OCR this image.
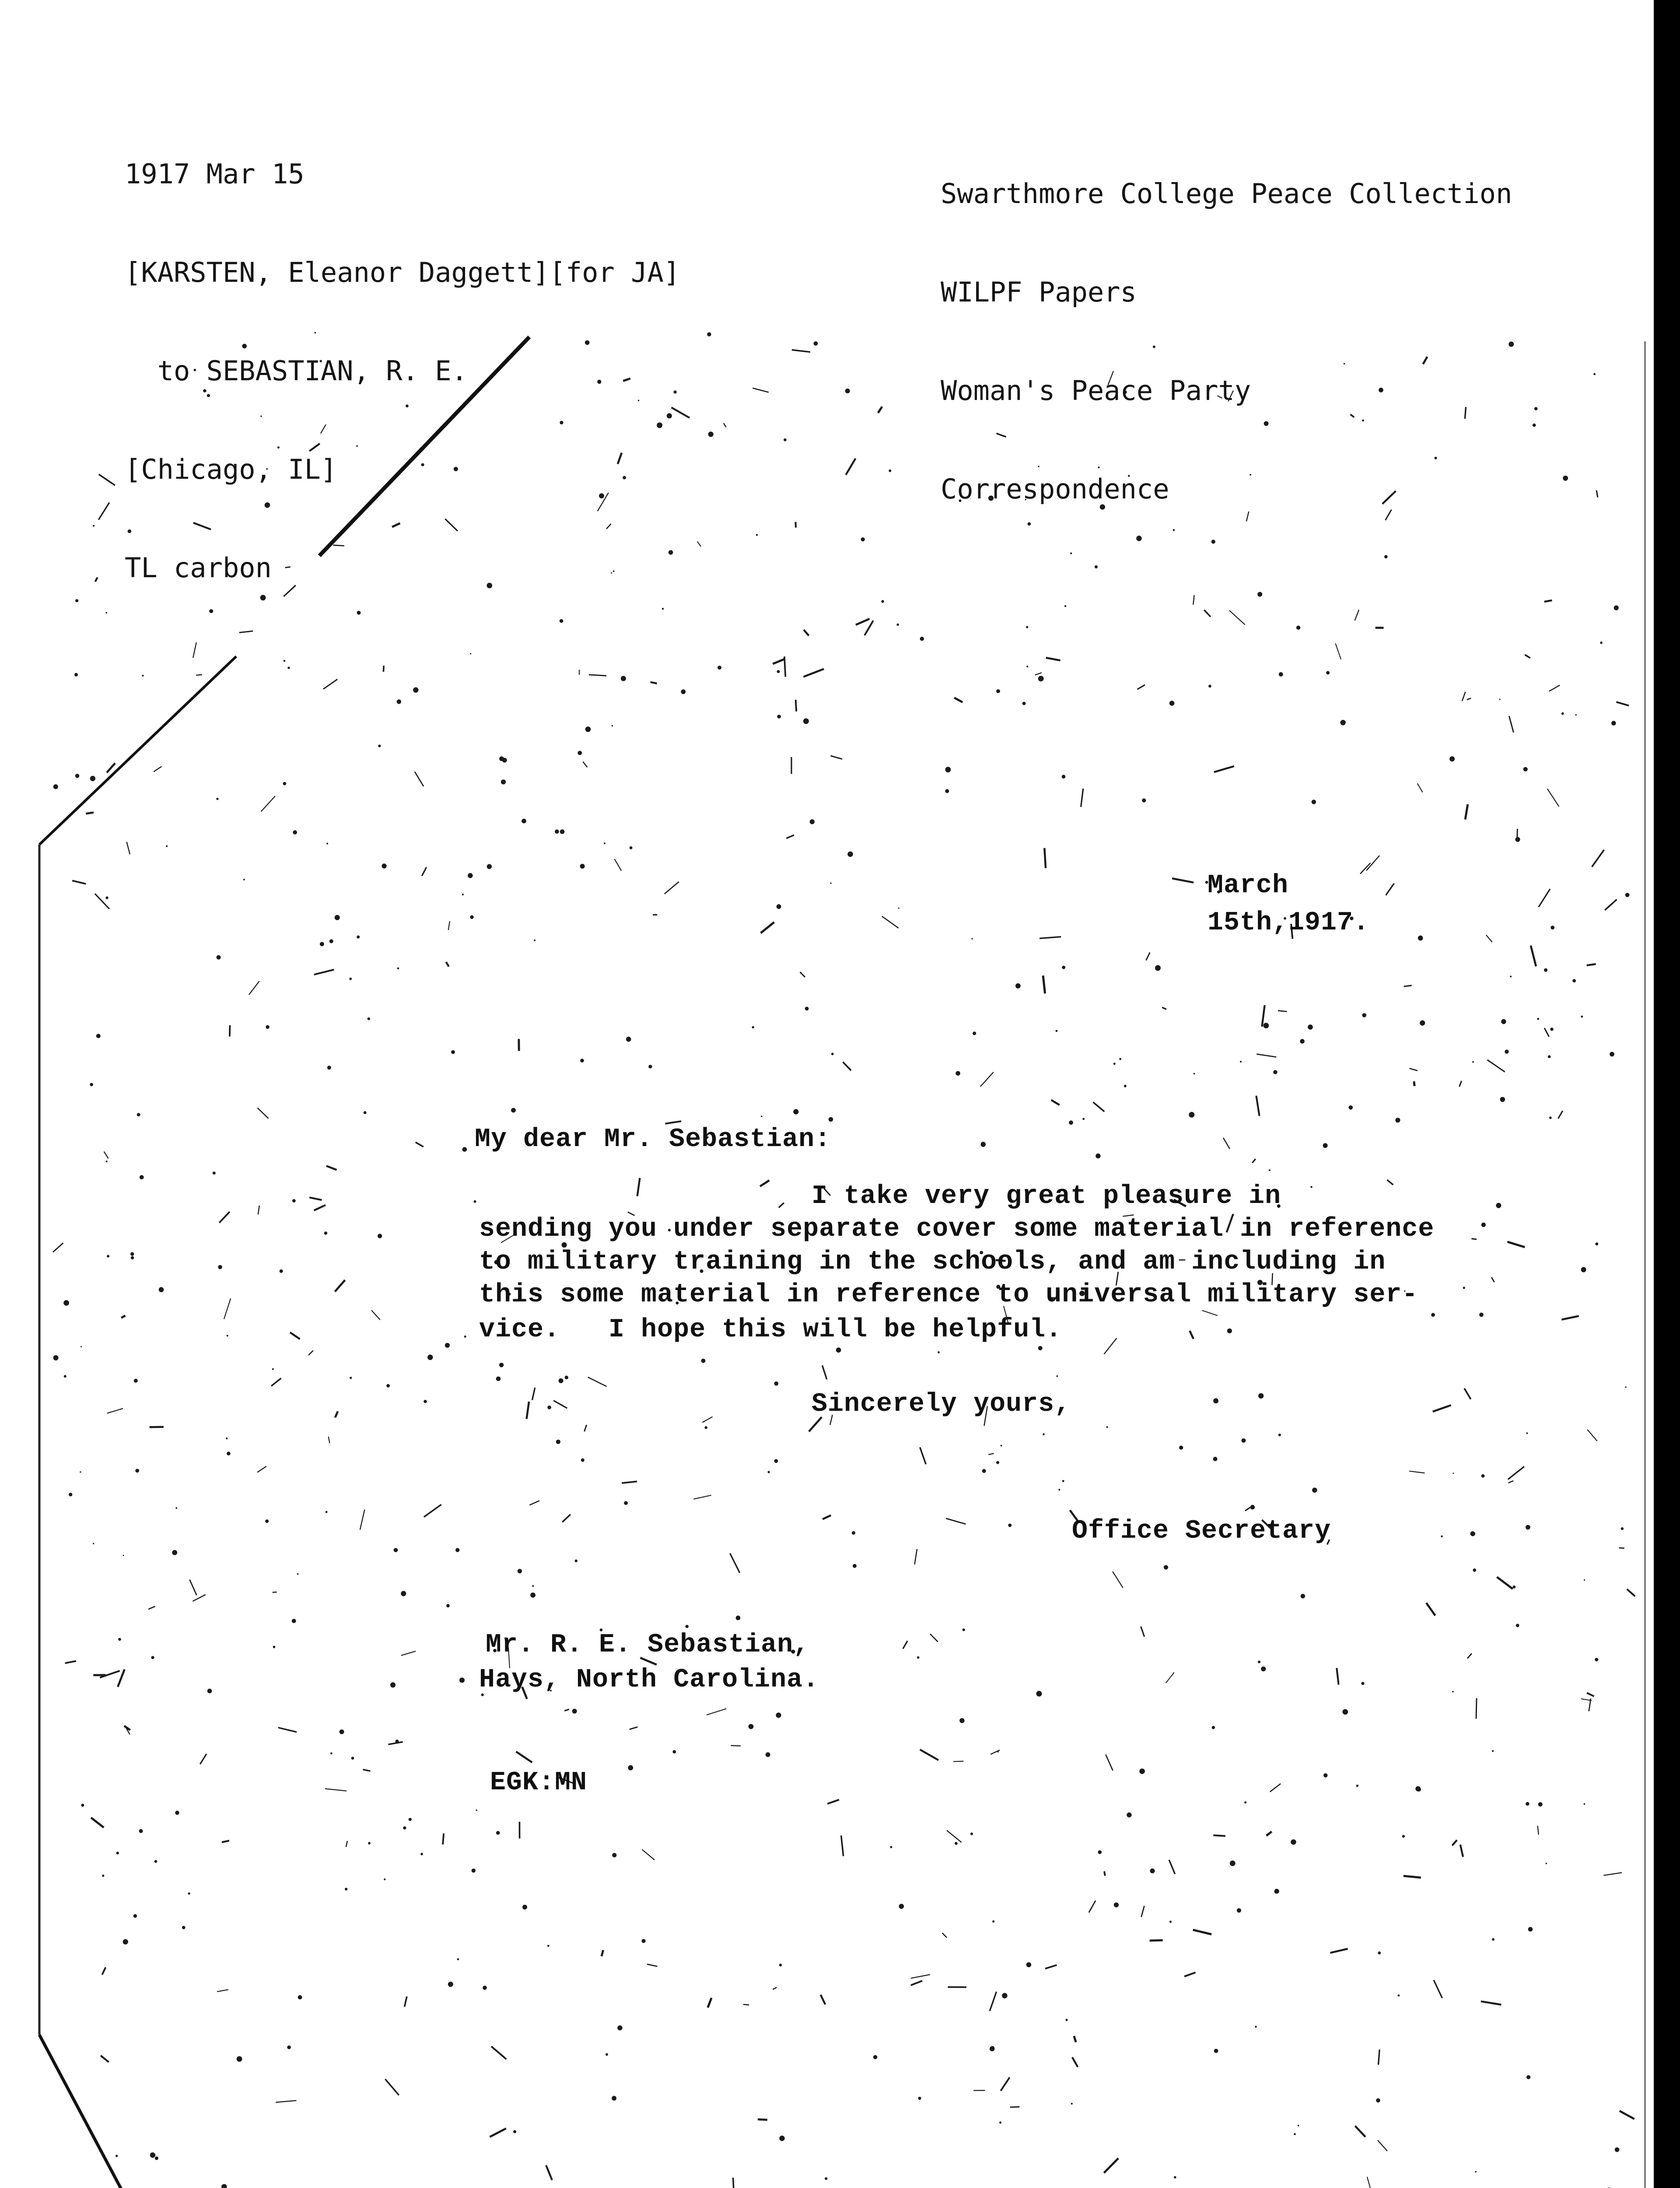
1917 Mar 15

[KARSTEN, Eleanor Daggett][for JA]

to SEBASTIAN, R. E.

[Chicago, IL]

TL carbon

Swarthmore College Peace Collection

WILPF Papers

Woman's Peace Party

Correspondence

March
15th,1917.
My dear Mr. Sebastian:
I take very great pleasure in
sending you under separate cover some material in reference
to military training in the schools, and am including in
this some material in reference to universal military ser-
vice.   I hope this will be helpful.
Sincerely yours,
Office Secretary
Mr. R. E. Sebastian,
Hays, North Carolina.
EGK:MN
